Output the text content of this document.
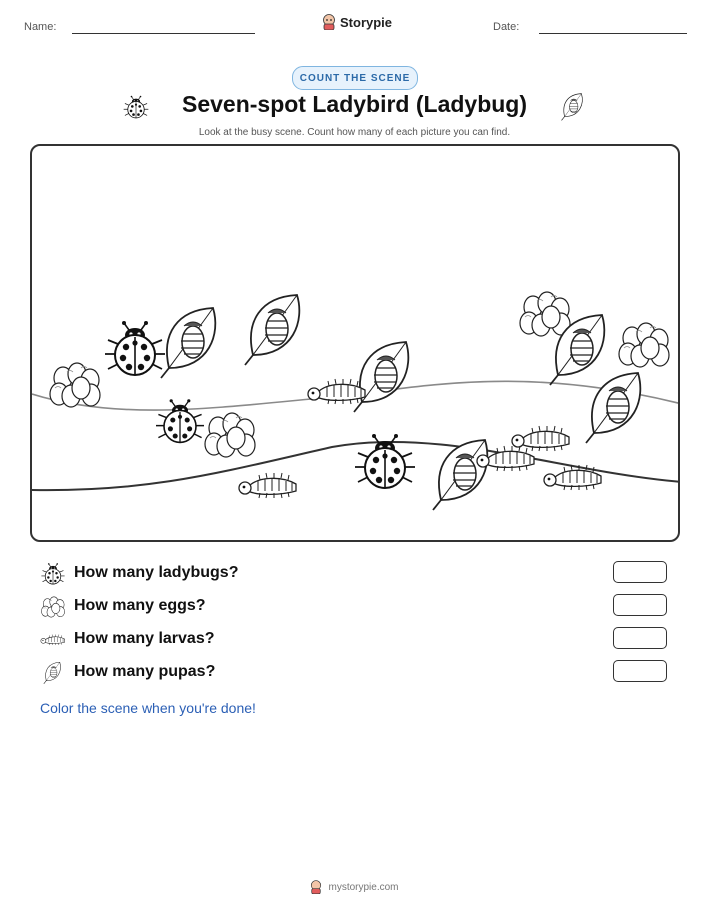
Name:	Storypie	Date:
COUNT THE SCENE
Seven-spot Ladybird (Ladybug)
Look at the busy scene. Count how many of each picture you can find.
How many ladybugs?
How many eggs?
How many larvas?
How many pupas?
Color the scene when you're done!
mystorypie.com
